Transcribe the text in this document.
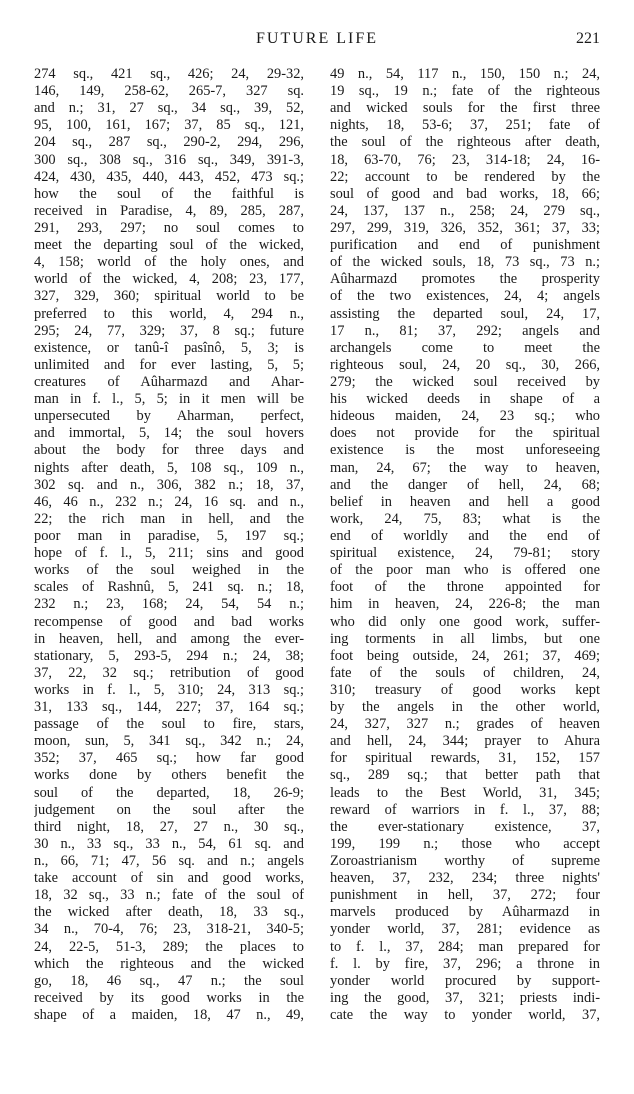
FUTURE LIFE	221
274 sq., 421 sq., 426; 24, 29-32,
146, 149, 258-62, 265-7, 327 sq.
and n.; 31, 27 sq., 34 sq., 39, 52,
95, 100, 161, 167; 37, 85 sq., 121,
204 sq., 287 sq., 290-2, 294, 296,
300 sq., 308 sq., 316 sq., 349, 391-3,
424, 430, 435, 440, 443, 452, 473 sq.;
how the soul of the faithful is
received in Paradise, 4, 89, 285, 287,
291, 293, 297; no soul comes to
meet the departing soul of the wicked,
4, 158; world of the holy ones, and
world of the wicked, 4, 208; 23, 177,
327, 329, 360; spiritual world to be
preferred to this world, 4, 294 n.,
295; 24, 77, 329; 37, 8 sq.; future
existence, or tanû-î pasînô, 5, 3; is
unlimited and for ever lasting, 5, 5;
creatures of Aûharmazd and Ahar-
man in f. l., 5, 5; in it men will be
unpersecuted by Aharman, perfect,
and immortal, 5, 14; the soul hovers
about the body for three days and
nights after death, 5, 108 sq., 109 n.,
302 sq. and n., 306, 382 n.; 18, 37,
46, 46 n., 232 n.; 24, 16 sq. and n.,
22; the rich man in hell, and the
poor man in paradise, 5, 197 sq.;
hope of f. l., 5, 211; sins and good
works of the soul weighed in the
scales of Rashnû, 5, 241 sq. n.; 18,
232 n.; 23, 168; 24, 54, 54 n.;
recompense of good and bad works
in heaven, hell, and among the ever-
stationary, 5, 293-5, 294 n.; 24, 38;
37, 22, 32 sq.; retribution of good
works in f. l., 5, 310; 24, 313 sq.;
31, 133 sq., 144, 227; 37, 164 sq.;
passage of the soul to fire, stars,
moon, sun, 5, 341 sq., 342 n.; 24,
352; 37, 465 sq.; how far good
works done by others benefit the
soul of the departed, 18, 26-9;
judgement on the soul after the
third night, 18, 27, 27 n., 30 sq.,
30 n., 33 sq., 33 n., 54, 61 sq. and
n., 66, 71; 47, 56 sq. and n.; angels
take account of sin and good works,
18, 32 sq., 33 n.; fate of the soul of
the wicked after death, 18, 33 sq.,
34 n., 70-4, 76; 23, 318-21, 340-5;
24, 22-5, 51-3, 289; the places to
which the righteous and the wicked
go, 18, 46 sq., 47 n.; the soul
received by its good works in the
shape of a maiden, 18, 47 n., 49,
49 n., 54, 117 n., 150, 150 n.; 24,
19 sq., 19 n.; fate of the righteous
and wicked souls for the first three
nights, 18, 53-6; 37, 251; fate of
the soul of the righteous after death,
18, 63-70, 76; 23, 314-18; 24, 16-
22; account to be rendered by the
soul of good and bad works, 18, 66;
24, 137, 137 n., 258; 24, 279 sq.,
297, 299, 319, 326, 352, 361; 37, 33;
purification and end of punishment
of the wicked souls, 18, 73 sq., 73 n.;
Aûharmazd promotes the prosperity
of the two existences, 24, 4; angels
assisting the departed soul, 24, 17,
17 n., 81; 37, 292; angels and
archangels come to meet the
righteous soul, 24, 20 sq., 30, 266,
279; the wicked soul received by
his wicked deeds in shape of a
hideous maiden, 24, 23 sq.; who
does not provide for the spiritual
existence is the most unforeseeing
man, 24, 67; the way to heaven,
and the danger of hell, 24, 68;
belief in heaven and hell a good
work, 24, 75, 83; what is the
end of worldly and the end of
spiritual existence, 24, 79-81; story
of the poor man who is offered one
foot of the throne appointed for
him in heaven, 24, 226-8; the man
who did only one good work, suffer-
ing torments in all limbs, but one
foot being outside, 24, 261; 37, 469;
fate of the souls of children, 24,
310; treasury of good works kept
by the angels in the other world,
24, 327, 327 n.; grades of heaven
and hell, 24, 344; prayer to Ahura
for spiritual rewards, 31, 152, 157
sq., 289 sq.; that better path that
leads to the Best World, 31, 345;
reward of warriors in f. l., 37, 88;
the ever-stationary existence, 37,
199, 199 n.; those who accept
Zoroastrianism worthy of supreme
heaven, 37, 232, 234; three nights'
punishment in hell, 37, 272; four
marvels produced by Aûharmazd in
yonder world, 37, 281; evidence as
to f. l., 37, 284; man prepared for
f. l. by fire, 37, 296; a throne in
yonder world procured by support-
ing the good, 37, 321; priests indi-
cate the way to yonder world, 37,
